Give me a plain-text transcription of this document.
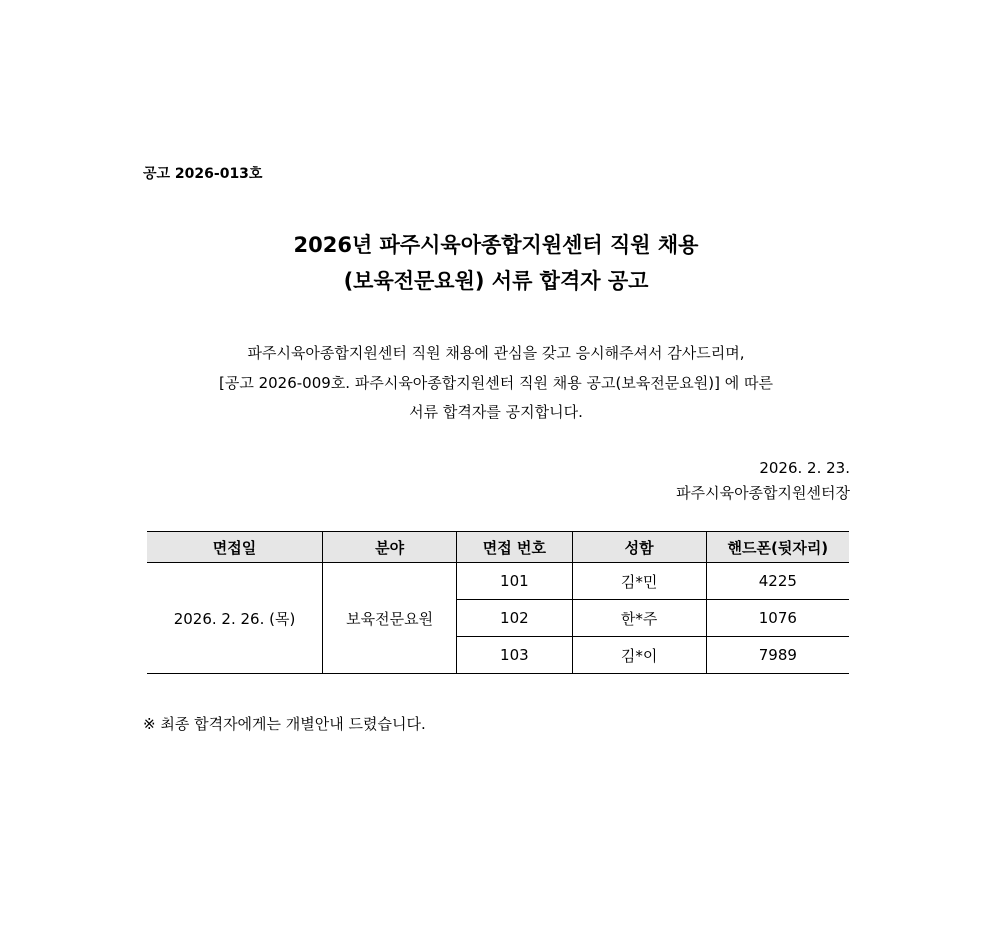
공고 2026-013호
2026년 파주시육아종합지원센터 직원 채용
(보육전문요원) 서류 합격자 공고
파주시육아종합지원센터 직원 채용에 관심을 갖고 응시해주셔서 감사드리며,
[공고 2026-009호. 파주시육아종합지원센터 직원 채용 공고(보육전문요원)] 에 따른
서류 합격자를 공지합니다.
2026. 2. 23.
파주시육아종합지원센터장
면접일	분야	면접 번호	성함	핸드폰(뒷자리)
2026. 2. 26. (목)	보육전문요원	101	김*민	4225
		102	한*주	1076
		103	김*이	7989
※ 최종 합격자에게는 개별안내 드렸습니다.
